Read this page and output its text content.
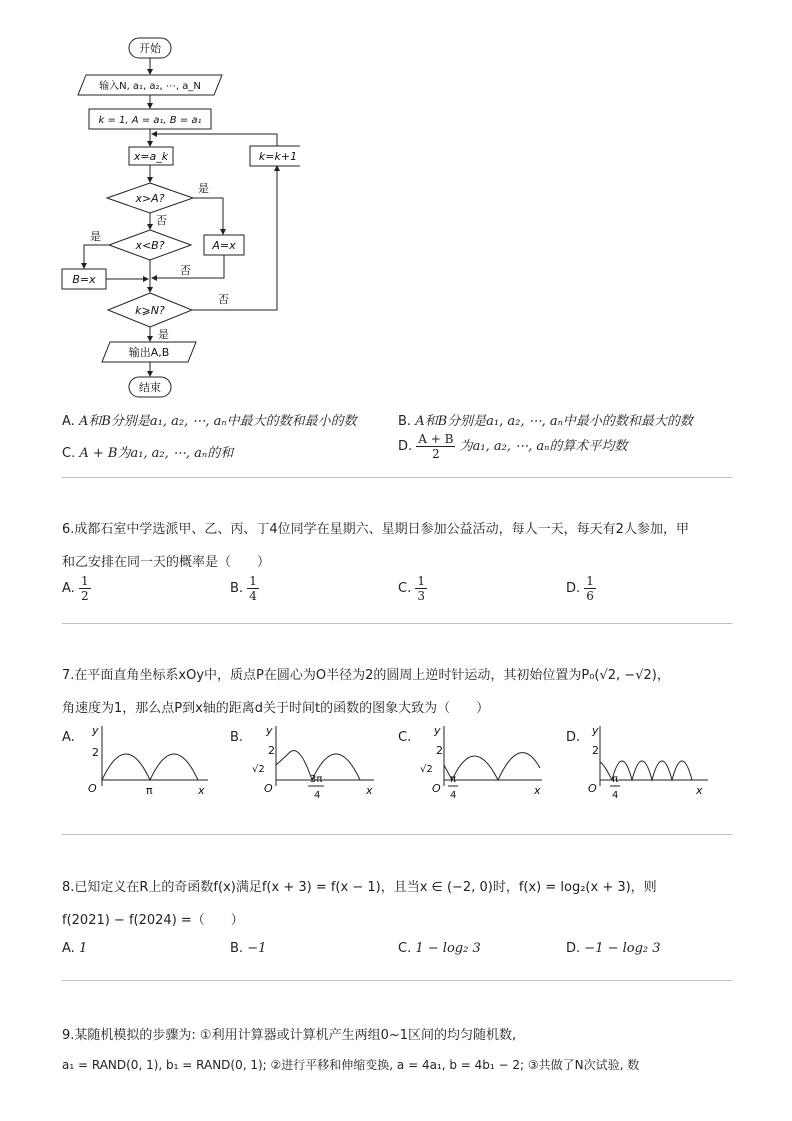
开始
输入N, a₁, a₂, ⋯, a_N
k = 1, A = a₁, B = a₁
x=a_k
x>A?
x<B?	A=x
B=x
k=k+1
k⩾N?
输出A,B
结束
是
否
是
否
否
是
A. A和B分别是a₁, a₂, ⋯, aₙ中最大的数和最小的数	B. A和B分别是a₁, a₂, ⋯, aₙ中最小的数和最大的数
C. A + B为a₁, a₂, ⋯, aₙ的和	D. $\frac{A + B}{2}$ 为a₁, a₂, ⋯, aₙ的算术平均数
6.成都石室中学选派甲、乙、丙、丁4位同学在星期六、星期日参加公益活动，每人一天，每天有2人参加，甲
和乙安排在同一天的概率是（　　）
A. $\frac{1}{2}$	B. $\frac{1}{4}$	C. $\frac{1}{3}$	D. $\frac{1}{6}$
7.在平面直角坐标系xOy中，质点P在圆心为O半径为2的圆周上逆时针运动，其初始位置为P₀(√2, −√2)，
角速度为1，那么点P到x轴的距离d关于时间t的函数的图象大致为（　　）
A.	B.	C.	D.
y
2
O	π	x
y
2
√2
O
3π
4	x
y
2
√2
O
π
4	x
y
2
O
π
4	x
8.已知定义在R上的奇函数f(x)满足f(x + 3) = f(x − 1)，且当x ∈ (−2, 0)时，f(x) = log₂(x + 3)，则
f(2021) − f(2024) =（　　）
A. 1	B. −1	C. 1 − log₂ 3	D. −1 − log₂ 3
9.某随机模拟的步骤为: ①利用计算器或计算机产生两组0~1区间的均匀随机数,
a₁ = RAND(0, 1), b₁ = RAND(0, 1); ②进行平移和伸缩变换, a = 4a₁, b = 4b₁ − 2; ③共做了N次试验, 数
